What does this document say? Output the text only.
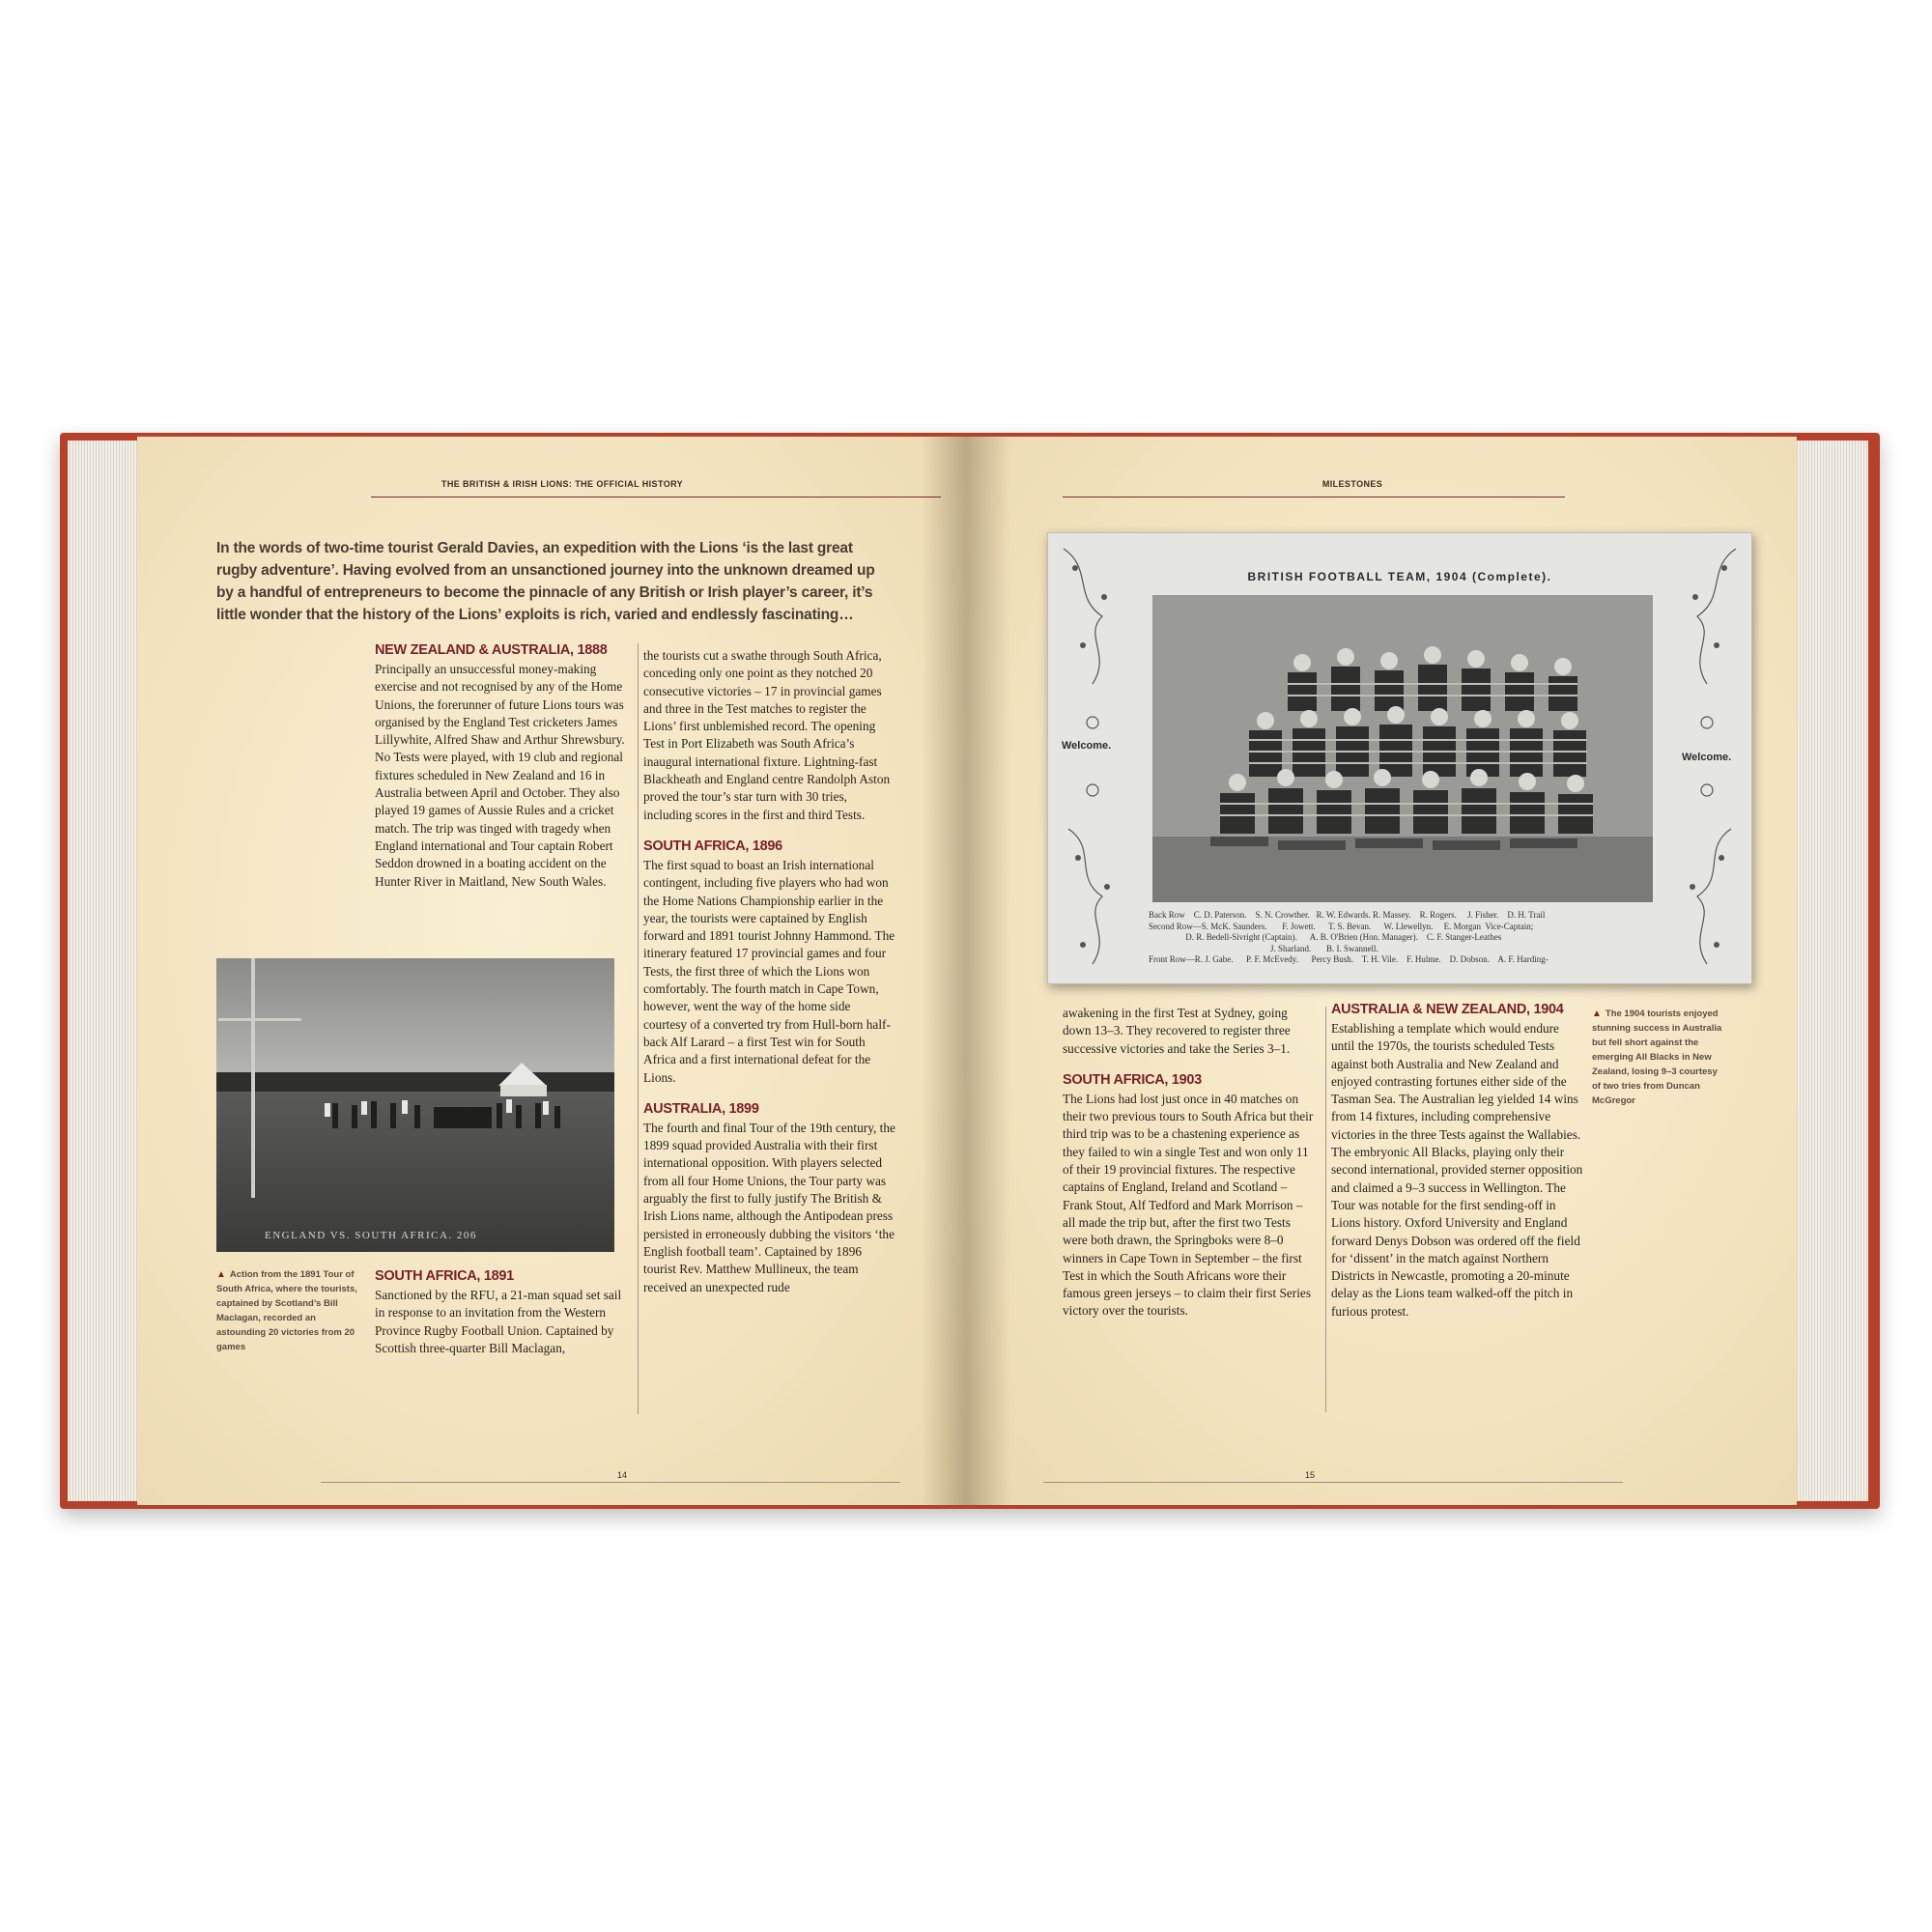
THE BRITISH & IRISH LIONS: THE OFFICIAL HISTORY
In the words of two-time tourist Gerald Davies, an expedition with the Lions ‘is the last great rugby adventure’. Having evolved from an unsanctioned journey into the unknown dreamed up by a handful of entrepreneurs to become the pinnacle of any British or Irish player’s career, it’s little wonder that the history of the Lions’ exploits is rich, varied and endlessly fascinating…
NEW ZEALAND & AUSTRALIA, 1888

Principally an unsuccessful money-making exercise and not recognised by any of the Home Unions, the forerunner of future Lions tours was organised by the England Test cricketers James Lillywhite, Alfred Shaw and Arthur Shrewsbury. No Tests were played, with 19 club and regional fixtures scheduled in New Zealand and 16 in Australia between April and October. They also played 19 games of Aussie Rules and a cricket match. The trip was tinged with tragedy when England international and Tour captain Robert Seddon drowned in a boating accident on the Hunter River in Maitland, New South Wales.

ENGLAND VS. SOUTH AFRICA. 206
▲ Action from the 1891 Tour of South Africa, where the tourists, captained by Scotland’s Bill Maclagan, recorded an astounding 20 victories from 20 games
SOUTH AFRICA, 1891

Sanctioned by the RFU, a 21-man squad set sail in response to an invitation from the Western Province Rugby Football Union. Captained by Scottish three-quarter Bill Maclagan,

the tourists cut a swathe through South Africa, conceding only one point as they notched 20 consecutive victories – 17 in provincial games and three in the Test matches to register the Lions’ first unblemished record. The opening Test in Port Elizabeth was South Africa’s inaugural international fixture. Lightning-fast Blackheath and England centre Randolph Aston proved the tour’s star turn with 30 tries, including scores in the first and third Tests.

SOUTH AFRICA, 1896

The first squad to boast an Irish international contingent, including five players who had won the Home Nations Championship earlier in the year, the tourists were captained by English forward and 1891 tourist Johnny Hammond. The itinerary featured 17 provincial games and four Tests, the first three of which the Lions won comfortably. The fourth match in Cape Town, however, went the way of the home side courtesy of a converted try from Hull-born half-back Alf Larard – a first Test win for South Africa and a first international defeat for the Lions.

AUSTRALIA, 1899

The fourth and final Tour of the 19th century, the 1899 squad provided Australia with their first international opposition. With players selected from all four Home Unions, the Tour party was arguably the first to fully justify The British & Irish Lions name, although the Antipodean press persisted in erroneously dubbing the visitors ‘the English football team’. Captained by 1896 tourist Rev. Matthew Mullineux, the team received an unexpected rude

14
MILESTONES
BRITISH FOOTBALL TEAM, 1904 (Complete).
Welcome.
Welcome.
Back Row    C. D. Paterson.    S. N. Crowther.   R. W. Edwards. R. Massey.    R. Rogers.     J. Fisher.    D. H. Trail
Second Row—S. McK. Saunders.       F. Jowett.      T. S. Bevan.      W. Llewellyn.     E. Morgan  Vice-Captain;
D. R. Bedell-Sivright (Captain).      A. B. O'Brien (Hon. Manager).    C. F. Stanger-Leathes
J. Sharland.       B. I. Swannell.
Front Row—R. J. Gabe.      P. F. McEvedy.      Percy Bush.    T. H. Vile.    F. Hulme.    D. Dobson.    A. F. Harding-

awakening in the first Test at Sydney, going down 13–3. They recovered to register three successive victories and take the Series 3–1.

SOUTH AFRICA, 1903

The Lions had lost just once in 40 matches on their two previous tours to South Africa but their third trip was to be a chastening experience as they failed to win a single Test and won only 11 of their 19 provincial fixtures. The respective captains of England, Ireland and Scotland – Frank Stout, Alf Tedford and Mark Morrison – all made the trip but, after the first two Tests were both drawn, the Springboks were 8–0 winners in Cape Town in September – the first Test in which the South Africans wore their famous green jerseys – to claim their first Series victory over the tourists.

AUSTRALIA & NEW ZEALAND, 1904

Establishing a template which would endure until the 1970s, the tourists scheduled Tests against both Australia and New Zealand and enjoyed contrasting fortunes either side of the Tasman Sea. The Australian leg yielded 14 wins from 14 fixtures, including comprehensive victories in the three Tests against the Wallabies. The embryonic All Blacks, playing only their second international, provided sterner opposition and claimed a 9–3 success in Wellington. The Tour was notable for the first sending-off in Lions history. Oxford University and England forward Denys Dobson was ordered off the field for ‘dissent’ in the match against Northern Districts in Newcastle, promoting a 20-minute delay as the Lions team walked-off the pitch in furious protest.

▲ The 1904 tourists enjoyed stunning success in Australia but fell short against the emerging All Blacks in New Zealand, losing 9–3 courtesy of two tries from Duncan McGregor
15
